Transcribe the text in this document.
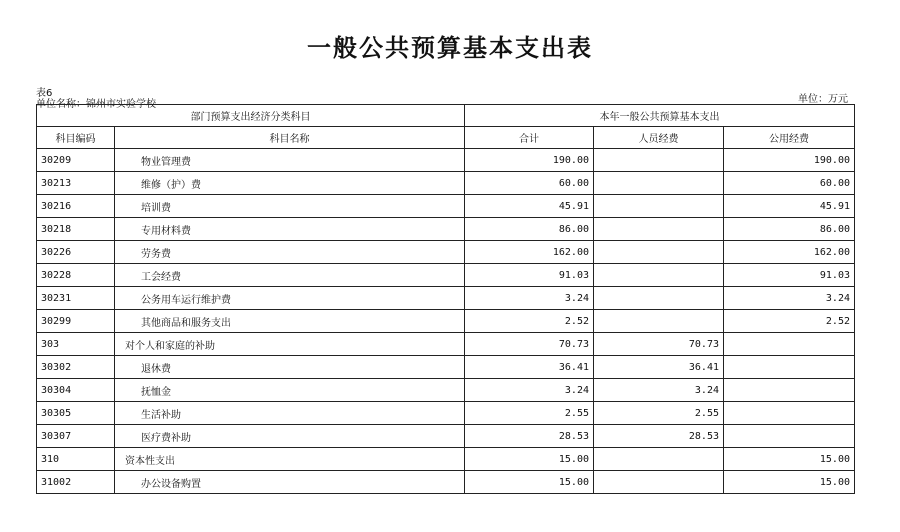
一般公共预算基本支出表
表6
单位名称：锦州市实验学校	单位：万元
部门预算支出经济分类科目		本年一般公共预算基本支出		
科目编码	科目名称	合计	人员经费	公用经费
30209	物业管理费	190.00		190.00
30213	维修（护）费	60.00		60.00
30216	培训费	45.91		45.91
30218	专用材料费	86.00		86.00
30226	劳务费	162.00		162.00
30228	工会经费	91.03		91.03
30231	公务用车运行维护费	3.24		3.24
30299	其他商品和服务支出	2.52		2.52
303	对个人和家庭的补助	70.73	70.73	
30302	退休费	36.41	36.41	
30304	抚恤金	3.24	3.24	
30305	生活补助	2.55	2.55	
30307	医疗费补助	28.53	28.53	
310	资本性支出	15.00		15.00
31002	办公设备购置	15.00		15.00
